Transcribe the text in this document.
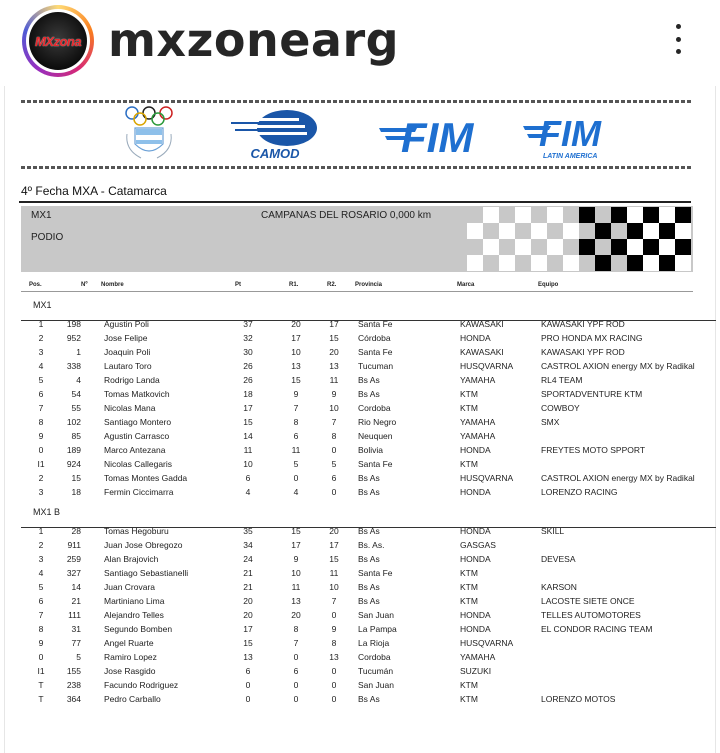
MXzona mxzonearg
CAMOD FIM FIM
LATIN AMERICA
4º Fecha MXA - Catamarca
MX1
PODIO
CAMPANAS DEL ROSARIO 0,000 km
Pos.	Nº Nombre	Pt	R1.	R2.	Provincia	Marca	Equipo
MX1
1	198	Agustin Poli	37	20	17	Santa Fe	KAWASAKI	KAWASAKI YPF ROD
2	952	Jose Felipe	32	17	15	Córdoba	HONDA	PRO HONDA MX RACING
3	1	Joaquin Poli	30	10	20	Santa Fe	KAWASAKI	KAWASAKI YPF ROD
4	338	Lautaro Toro	26	13	13	Tucuman	HUSQVARNA	CASTROL AXION energy MX by Radikal
5	4	Rodrigo Landa	26	15	11	Bs As	YAMAHA	RL4 TEAM
6	54	Tomas Matkovich	18	9	9	Bs As	KTM	SPORTADVENTURE KTM
7	55	Nicolas Mana	17	7	10	Cordoba	KTM	COWBOY
8	102	Santiago Montero	15	8	7	Rio Negro	YAMAHA	SMX
9	85	Agustin Carrasco	14	6	8	Neuquen	YAMAHA
0	189	Marco Antezana	11	11	0	Bolivia	HONDA	FREYTES MOTO SPPORT
I1	924	Nicolas Callegaris	10	5	5	Santa Fe	KTM
2	15	Tomas Montes Gadda	6	0	6	Bs As	HUSQVARNA	CASTROL AXION energy MX by Radikal
3	18	Fermin Ciccimarra	4	4	0	Bs As	HONDA	LORENZO RACING
MX1 B
1	28	Tomas Hegoburu	35	15	20	Bs As	HONDA	SKILL
2	911	Juan Jose Obregozo	34	17	17	Bs. As.	GASGAS
3	259	Alan Brajovich	24	9	15	Bs As	HONDA	DEVESA
4	327	Santiago Sebastianelli	21	10	11	Santa Fe	KTM
5	14	Juan Crovara	21	11	10	Bs As	KTM	KARSON
6	21	Martiniano Lima	20	13	7	Bs As	KTM	LACOSTE SIETE ONCE
7	111	Alejandro Telles	20	20	0	San Juan	HONDA	TELLES AUTOMOTORES
8	31	Segundo Bomben	17	8	9	La Pampa	HONDA	EL CONDOR RACING TEAM
9	77	Angel Ruarte	15	7	8	La Rioja	HUSQVARNA
0	5	Ramiro Lopez	13	0	13	Cordoba	YAMAHA
I1	155	Jose Rasgido	6	6	0	Tucumán	SUZUKI
T	238	Facundo Rodriguez	0	0	0	San Juan	KTM
T	364	Pedro Carballo	0	0	0	Bs As	KTM	LORENZO MOTOS
